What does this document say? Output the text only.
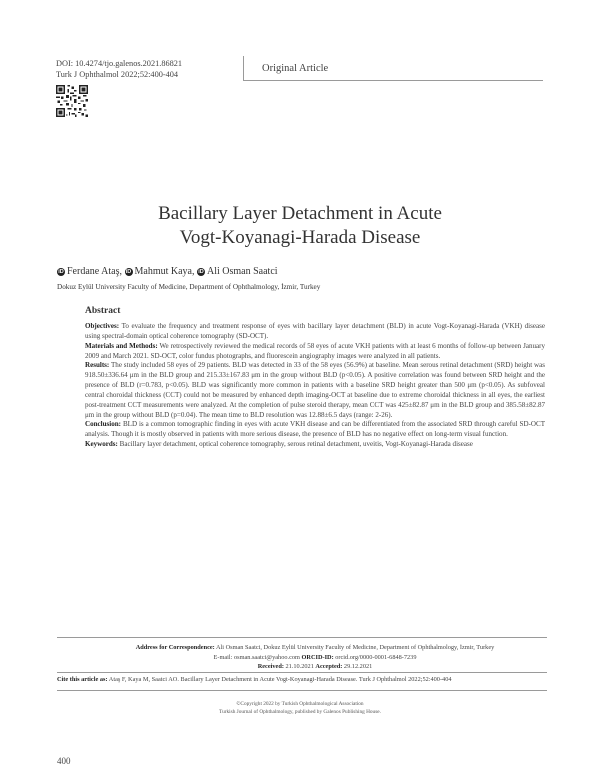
DOI: 10.4274/tjo.galenos.2021.86821
Turk J Ophthalmol 2022;52:400-404
Original Article
Bacillary Layer Detachment in Acute
Vogt-Koyanagi-Harada Disease
iD Ferdane Ataş, iD Mahmut Kaya, iD Ali Osman Saatci
Dokuz Eylül University Faculty of Medicine, Department of Ophthalmology, İzmir, Turkey
Abstract

Objectives: To evaluate the frequency and treatment response of eyes with bacillary layer detachment (BLD) in acute Vogt-Koyanagi-Harada (VKH) disease using spectral-domain optical coherence tomography (SD-OCT).

Materials and Methods: We retrospectively reviewed the medical records of 58 eyes of acute VKH patients with at least 6 months of follow-up between January 2009 and March 2021. SD-OCT, color fundus photographs, and fluorescein angiography images were analyzed in all patients.

Results: The study included 58 eyes of 29 patients. BLD was detected in 33 of the 58 eyes (56.9%) at baseline. Mean serous retinal detachment (SRD) height was 918.50±336.64 μm in the BLD group and 215.33±167.83 μm in the group without BLD (p<0.05). A positive correlation was found between SRD height and the presence of BLD (r=0.783, p<0.05). BLD was significantly more common in patients with a baseline SRD height greater than 500 μm (p<0.05). As subfoveal central choroidal thickness (CCT) could not be measured by enhanced depth imaging-OCT at baseline due to extreme choroidal thickness in all eyes, the earliest post-treatment CCT measurements were analyzed. At the completion of pulse steroid therapy, mean CCT was 425±82.87 μm in the BLD group and 385.58±82.87 μm in the group without BLD (p=0.04). The mean time to BLD resolution was 12.88±6.5 days (range: 2-26).

Conclusion: BLD is a common tomographic finding in eyes with acute VKH disease and can be differentiated from the associated SRD through careful SD-OCT analysis. Though it is mostly observed in patients with more serious disease, the presence of BLD has no negative effect on long-term visual function.

Keywords: Bacillary layer detachment, optical coherence tomography, serous retinal detachment, uveitis, Vogt-Koyanagi-Harada disease

Address for Correspondence: Ali Osman Saatci, Dokuz Eylül University Faculty of Medicine, Department of Ophthalmology, İzmir, Turkey
E-mail: osman.saatci@yahoo.com ORCID-ID: orcid.org/0000-0001-6848-7239
Received: 21.10.2021 Accepted: 29.12.2021
Cite this article as: Ataş F, Kaya M, Saatci AO. Bacillary Layer Detachment in Acute Vogt-Koyanagi-Harada Disease. Turk J Ophthalmol 2022;52:400-404
©Copyright 2022 by Turkish Ophthalmological Association
Turkish Journal of Ophthalmology, published by Galenos Publishing House.
400
